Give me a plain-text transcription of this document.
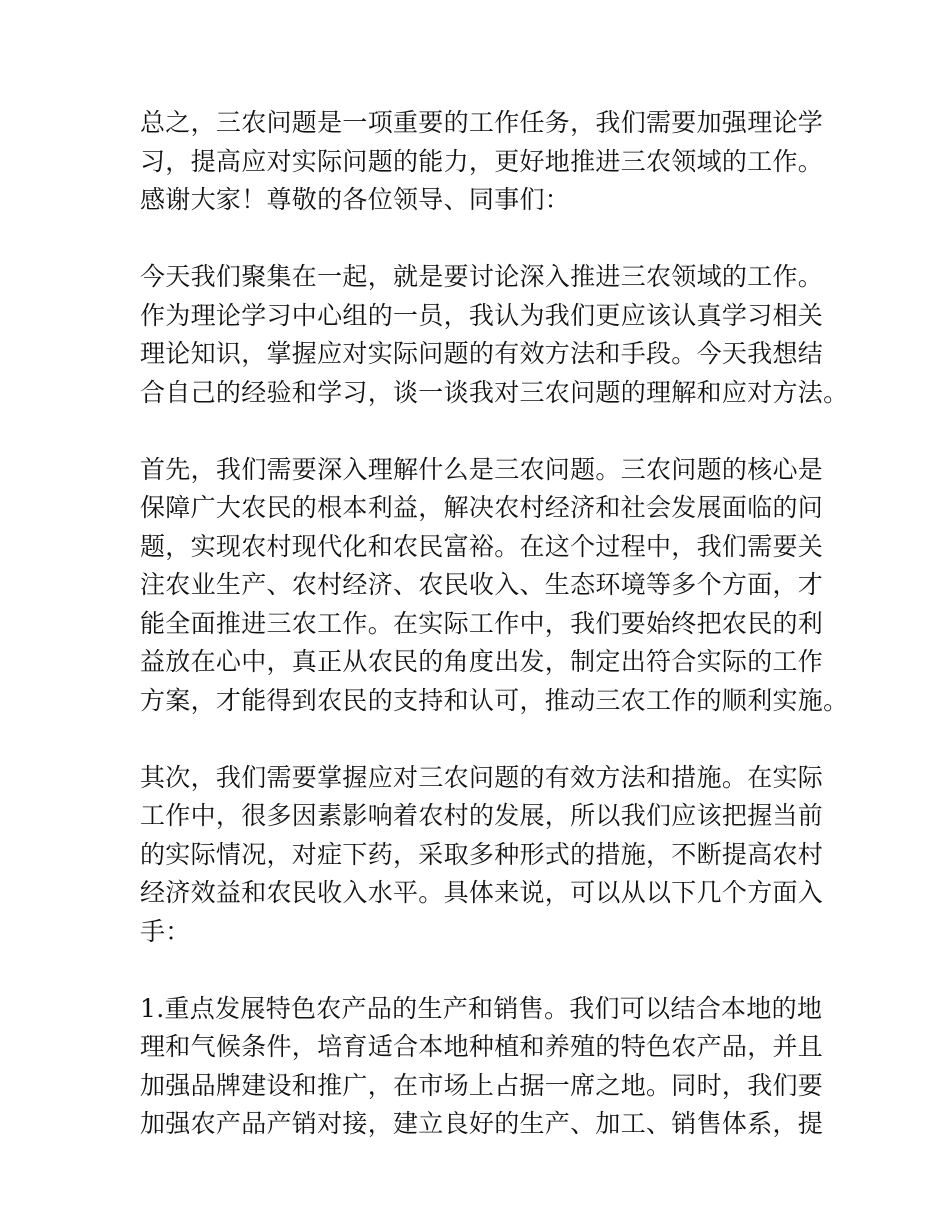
总之，三农问题是一项重要的工作任务，我们需要加强理论学
习，提高应对实际问题的能力，更好地推进三农领域的工作。
感谢大家！尊敬的各位领导、同事们：
今天我们聚集在一起，就是要讨论深入推进三农领域的工作。
作为理论学习中心组的一员，我认为我们更应该认真学习相关
理论知识，掌握应对实际问题的有效方法和手段。今天我想结
合自己的经验和学习，谈一谈我对三农问题的理解和应对方法。
首先，我们需要深入理解什么是三农问题。三农问题的核心是
保障广大农民的根本利益，解决农村经济和社会发展面临的问
题，实现农村现代化和农民富裕。在这个过程中，我们需要关
注农业生产、农村经济、农民收入、生态环境等多个方面，才
能全面推进三农工作。在实际工作中，我们要始终把农民的利
益放在心中，真正从农民的角度出发，制定出符合实际的工作
方案，才能得到农民的支持和认可，推动三农工作的顺利实施。
其次，我们需要掌握应对三农问题的有效方法和措施。在实际
工作中，很多因素影响着农村的发展，所以我们应该把握当前
的实际情况，对症下药，采取多种形式的措施，不断提高农村
经济效益和农民收入水平。具体来说，可以从以下几个方面入
手：
1.重点发展特色农产品的生产和销售。我们可以结合本地的地
理和气候条件，培育适合本地种植和养殖的特色农产品，并且
加强品牌建设和推广，在市场上占据一席之地。同时，我们要
加强农产品产销对接，建立良好的生产、加工、销售体系，提
